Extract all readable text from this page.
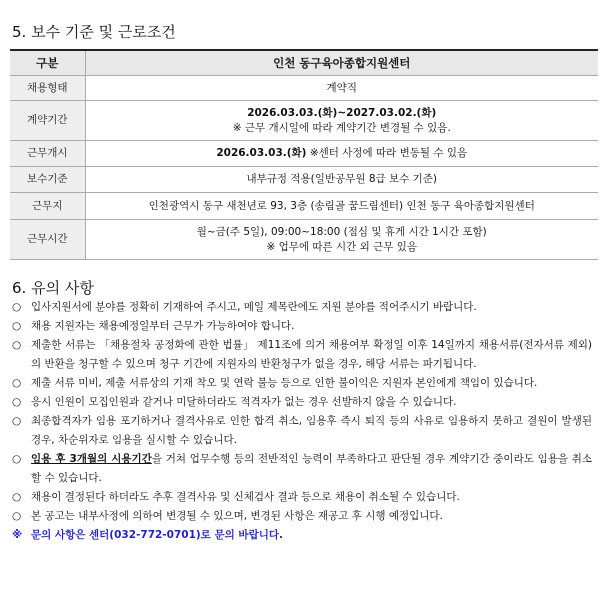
5. 보수 기준 및 근로조건
구분	인천 동구육아종합지원센터
채용형태	계약직
계약기간	2026.03.03.(화)~2027.03.02.(화)
※ 근무 개시일에 따라 계약기간 변경될 수 있음.

근무개시	2026.03.03.(화) ※센터 사정에 따라 변동될 수 있음
보수기준	내부규정 적용(일반공무원 8급 보수 기준)
근무지	인천광역시 동구 새천년로 93, 3층 (송림골 꿈드림센터) 인천 동구 육아종합지원센터
근무시간	월~금(주 5일), 09:00~18:00 (점심 및 휴게 시간 1시간 포함)
※ 업무에 따른 시간 외 근무 있음
6. 유의 사항
○ 입사지원서에 분야를 정확히 기재하여 주시고, 메일 제목란에도 지원 분야를 적어주시기 바랍니다.
○ 채용 지원자는 채용예정일부터 근무가 가능하여야 합니다.
○ 제출한 서류는 「채용절차 공정화에 관한 법률」 제11조에 의거 채용여부 확정일 이후 14일까지 채용서류(전자서류 제외)의 반환을 청구할 수 있으며 청구 기간에 지원자의 반환청구가 없을 경우, 해당 서류는 파기됩니다.
○ 제출 서류 미비, 제출 서류상의 기재 착오 및 연락 불능 등으로 인한 불이익은 지원자 본인에게 책임이 있습니다.
○ 응시 인원이 모집인원과 같거나 미달하더라도 적격자가 없는 경우 선발하지 않을 수 있습니다.
○ 최종합격자가 임용 포기하거나 결격사유로 인한 합격 취소, 임용후 즉시 퇴직 등의 사유로 임용하지 못하고 결원이 발생된 경우, 차순위자로 임용을 실시할 수 있습니다.
○ 임용 후 3개월의 시용기간을 거쳐 업무수행 등의 전반적인 능력이 부족하다고 판단될 경우 계약기간 중이라도 임용을 취소할 수 있습니다.
○ 채용이 결정된다 하더라도 추후 결격사유 및 신체검사 결과 등으로 채용이 취소될 수 있습니다.
○ 본 공고는 내부사정에 의하여 변경될 수 있으며, 변경된 사항은 재공고 후 시행 예정입니다.
※ 문의 사항은 센터(032-772-0701)로 문의 바랍니다.
